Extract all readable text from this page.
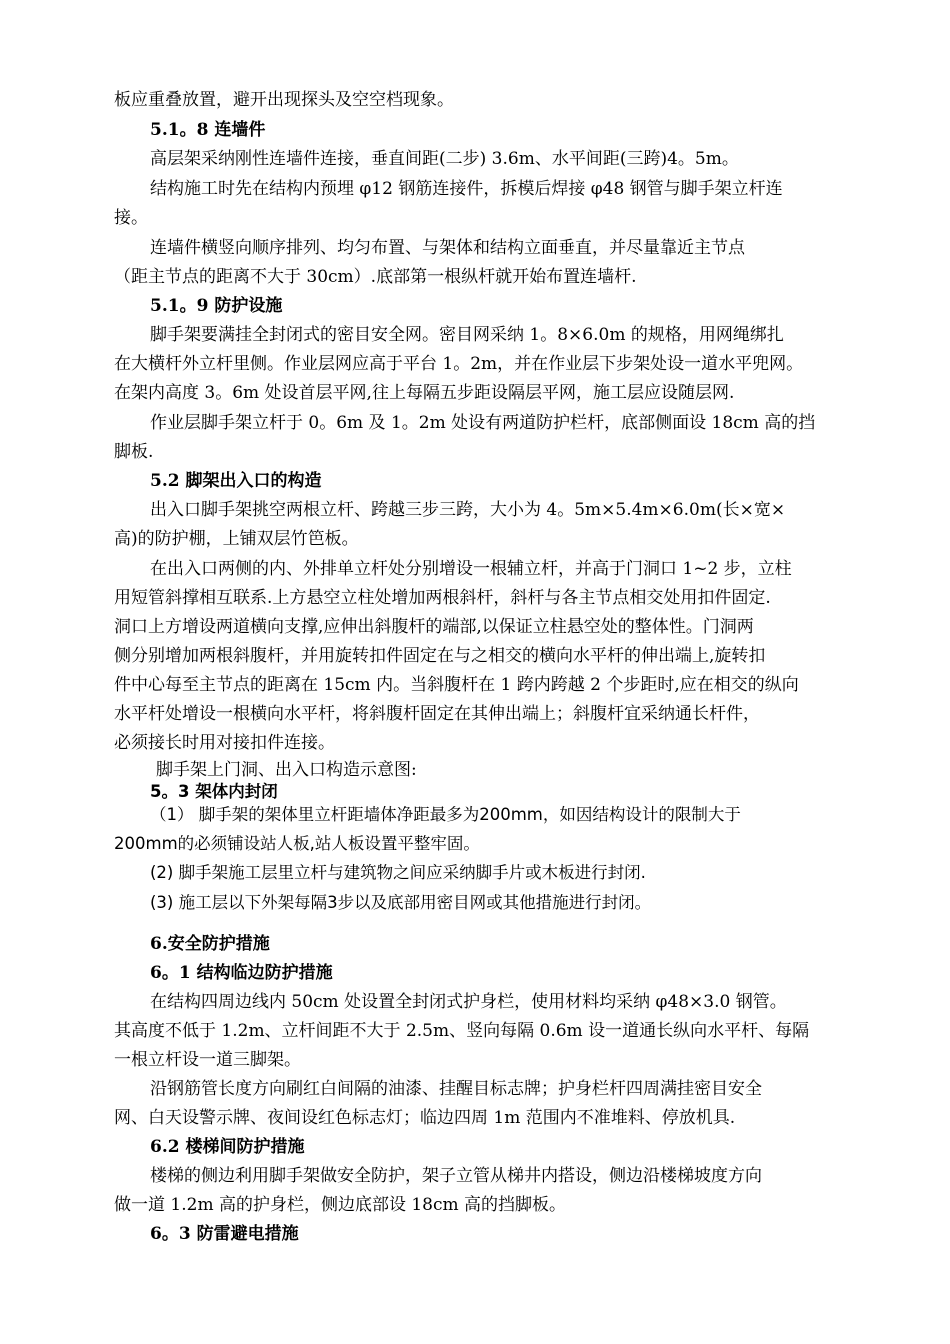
板应重叠放置，避开出现探头及空空档现象。
5.1。8 连墙件
高层架采纳刚性连墙件连接，垂直间距(二步) 3.6m、水平间距(三跨)4。5m。
结构施工时先在结构内预埋 φ12 钢筋连接件，拆模后焊接 φ48 钢管与脚手架立杆连
接。
连墙件横竖向顺序排列、均匀布置、与架体和结构立面垂直，并尽量靠近主节点
（距主节点的距离不大于 30cm）.底部第一根纵杆就开始布置连墙杆.
5.1。9 防护设施
脚手架要满挂全封闭式的密目安全网。密目网采纳 1。8×6.0m 的规格，用网绳绑扎
在大横杆外立杆里侧。作业层网应高于平台 1。2m，并在作业层下步架处设一道水平兜网。
在架内高度 3。6m 处设首层平网,往上每隔五步距设隔层平网，施工层应设随层网.
作业层脚手架立杆于 0。6m 及 1。2m 处设有两道防护栏杆，底部侧面设 18cm 高的挡
脚板.
5.2 脚架出入口的构造
出入口脚手架挑空两根立杆、跨越三步三跨，大小为 4。5m×5.4m×6.0m(长×宽×
高)的防护棚，上铺双层竹笆板。
在出入口两侧的内、外排单立杆处分别增设一根辅立杆，并高于门洞口 1~2 步，立柱
用短管斜撑相互联系.上方悬空立柱处增加两根斜杆，斜杆与各主节点相交处用扣件固定.
洞口上方增设两道横向支撑,应伸出斜腹杆的端部,以保证立柱悬空处的整体性。门洞两
侧分别增加两根斜腹杆，并用旋转扣件固定在与之相交的横向水平杆的伸出端上,旋转扣
件中心每至主节点的距离在 15cm 内。当斜腹杆在 1 跨内跨越 2 个步距时,应在相交的纵向
水平杆处增设一根横向水平杆，将斜腹杆固定在其伸出端上；斜腹杆宜采纳通长杆件，
必须接长时用对接扣件连接。
脚手架上门洞、出入口构造示意图:
5。3 架体内封闭
（1） 脚手架的架体里立杆距墙体净距最多为200mm，如因结构设计的限制大于
200mm的必须铺设站人板,站人板设置平整牢固。
(2) 脚手架施工层里立杆与建筑物之间应采纳脚手片或木板进行封闭.
(3) 施工层以下外架每隔3步以及底部用密目网或其他措施进行封闭。
6.安全防护措施
6。1 结构临边防护措施
在结构四周边线内 50cm 处设置全封闭式护身栏，使用材料均采纳 φ48×3.0 钢管。
其高度不低于 1.2m、立杆间距不大于 2.5m、竖向每隔 0.6m 设一道通长纵向水平杆、每隔
一根立杆设一道三脚架。
沿钢筋管长度方向刷红白间隔的油漆、挂醒目标志牌；护身栏杆四周满挂密目安全
网、白天设警示牌、夜间设红色标志灯；临边四周 1m 范围内不准堆料、停放机具.
6.2 楼梯间防护措施
楼梯的侧边利用脚手架做安全防护，架子立管从梯井内搭设，侧边沿楼梯坡度方向
做一道 1.2m 高的护身栏，侧边底部设 18cm 高的挡脚板。
6。3 防雷避电措施
